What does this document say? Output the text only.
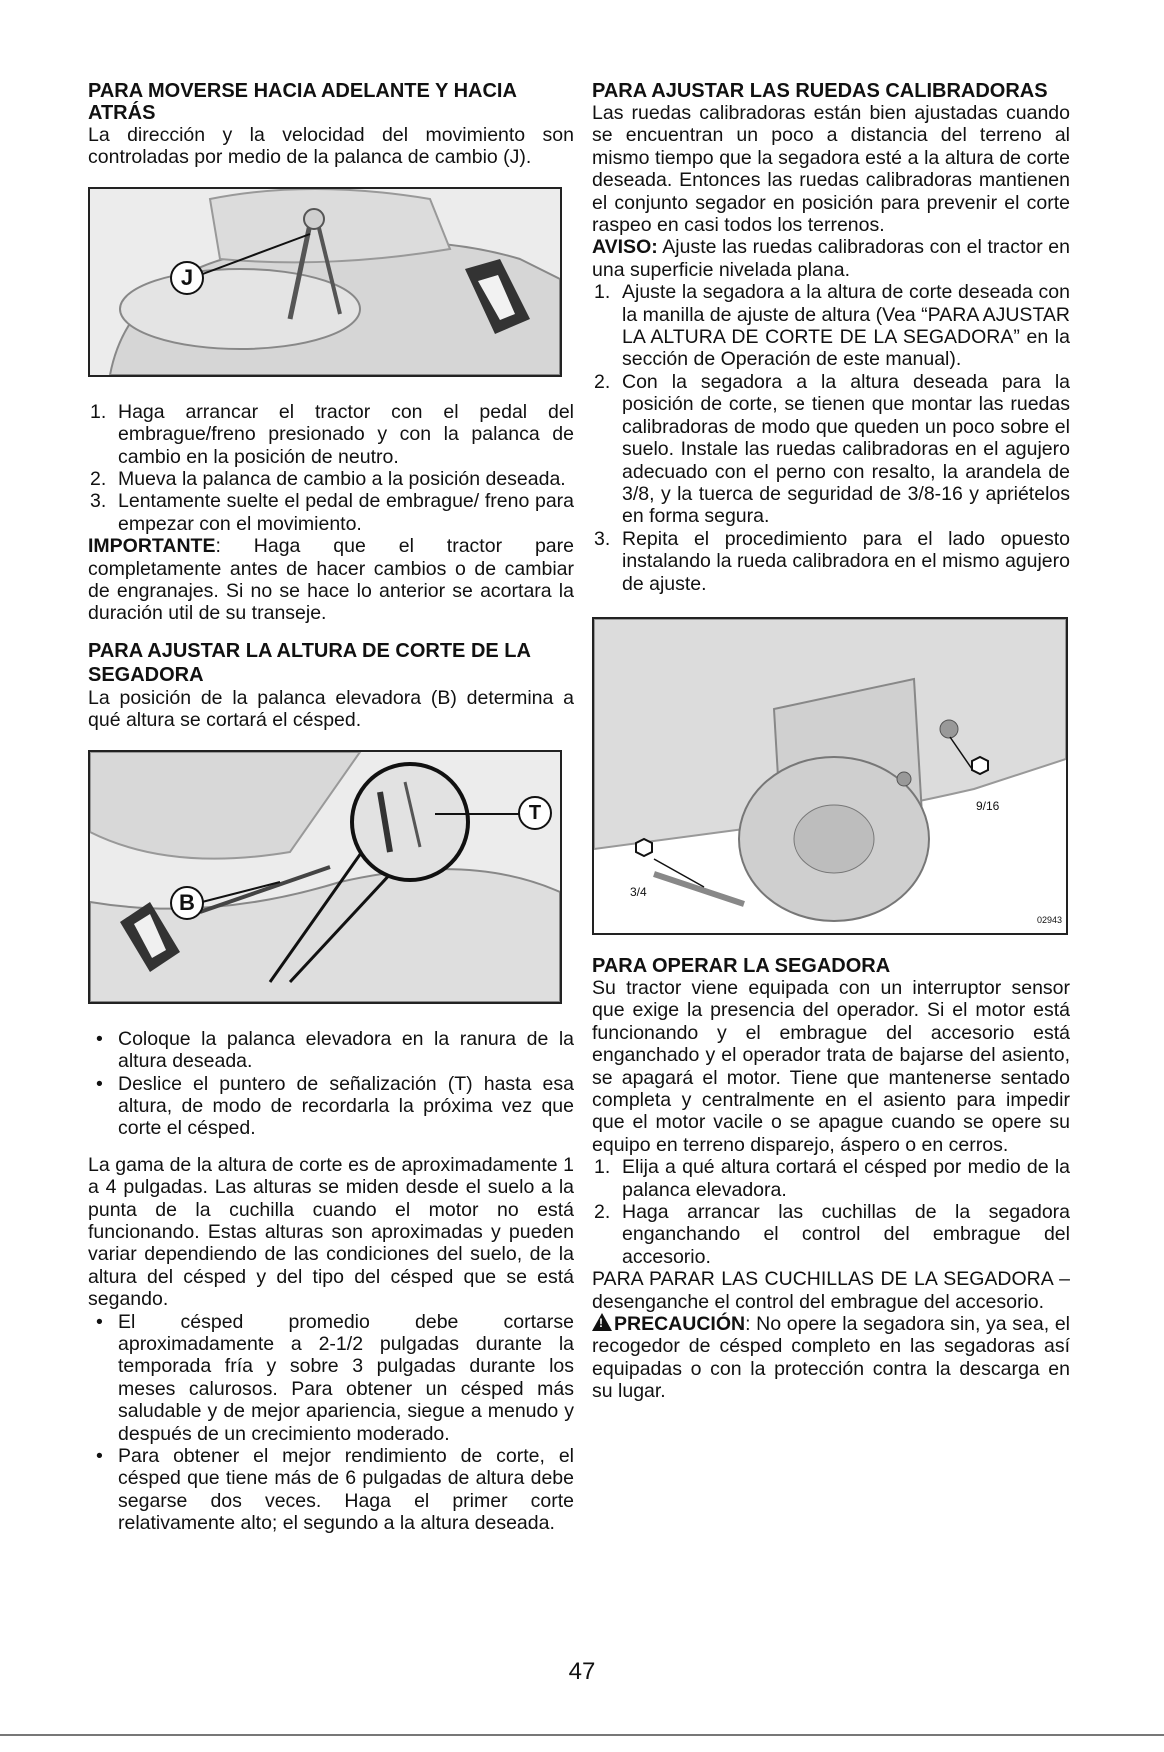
PARA MOVERSE HACIA ADELANTE Y HACIA ATRÁS

La dirección y la velocidad del movimiento son controladas por medio de la palanca de cambio (J).

J
1. Haga arrancar el tractor con el pedal del embrague/freno presionado y con la palanca de cambio en la posición de neutro.
2. Mueva la palanca de cambio a la posición deseada.
3. Lentamente suelte el pedal de embrague/ freno para empezar con el movimiento.

IMPORTANTE: Haga que el tractor pare completamente antes de hacer cambios o de cambiar de engranajes. Si no se hace lo anterior se acortara la duración util de su transeje.

PARA AJUSTAR LA ALTURA DE CORTE DE LA SEGADORA

La posición de la palanca elevadora (B) determina a qué altura se cortará el césped.

B
T
• Coloque la palanca elevadora en la ranura de la altura deseada.
• Deslice el puntero de señalización (T) hasta esa altura, de modo de recordarla la próxima vez que corte el césped.

La gama de la altura de corte es de aproximadamente 1 a 4 pulgadas. Las alturas se miden desde el suelo a la punta de la cuchilla cuando el motor no está funcionando. Estas alturas son aproximadas y pueden variar dependiendo de las condiciones del suelo, de la altura del césped y del tipo del césped que se está segando.

• El césped promedio debe cortarse aproximadamente a 2-1/2 pulgadas durante la temporada fría y sobre 3 pulgadas durante los meses calurosos. Para obtener un césped más saludable y de mejor apariencia, siegue a menudo y después de un crecimiento moderado.
• Para obtener el mejor rendimiento de corte, el césped que tiene más de 6 pulgadas de altura debe segarse dos veces. Haga el primer corte relativamente alto; el segundo a la altura deseada.
PARA AJUSTAR LAS RUEDAS CALIBRADORAS

Las ruedas calibradoras están bien ajustadas cuando se encuentran un poco a distancia del terreno al mismo tiempo que la segadora esté a la altura de corte deseada. Entonces las ruedas calibradoras mantienen el conjunto segador en posición para prevenir el corte raspeo en casi todos los terrenos.

AVISO: Ajuste las ruedas calibradoras con el tractor en una superficie nivelada plana.

1. Ajuste la segadora a la altura de corte deseada con la manilla de ajuste de altura (Vea “PARA AJUSTAR LA ALTURA DE CORTE DE LA SEGADORA” en la sección de Operación de este manual).
2. Con la segadora a la altura deseada para la posición de corte, se tienen que montar las ruedas calibradoras de modo que queden un poco sobre el suelo. Instale las ruedas calibradoras en el agujero adecuado con el perno con resalto, la arandela de 3/8, y la tuerca de seguridad de 3/8-16 y apriételos en forma segura.
3. Repita el procedimiento para el lado opuesto instalando la rueda calibradora en el mismo agujero de ajuste.
9/16
3/4
02943
PARA OPERAR LA SEGADORA

Su tractor viene equipada con un interruptor sensor que exige la presencia del operador. Si el motor está funcionando y el embrague del accesorio está enganchado y el operador trata de bajarse del asiento, se apagará el motor. Tiene que mantenerse sentado completa y centralmente en el asiento para impedir que el motor vacile o se apague cuando se opere su equipo en terreno disparejo, áspero o en cerros.

1. Elija a qué altura cortará el césped por medio de la palanca elevadora.
2. Haga arrancar las cuchillas de la segadora enganchando el control del embrague del accesorio.

PARA PARAR LAS CUCHILLAS DE LA SEGADORA – desenganche el control del embrague del accesorio.

!PRECAUCIÓN: No opere la segadora sin, ya sea, el recogedor de césped completo en las segadoras así equipadas o con la protección contra la descarga en su lugar.

47
